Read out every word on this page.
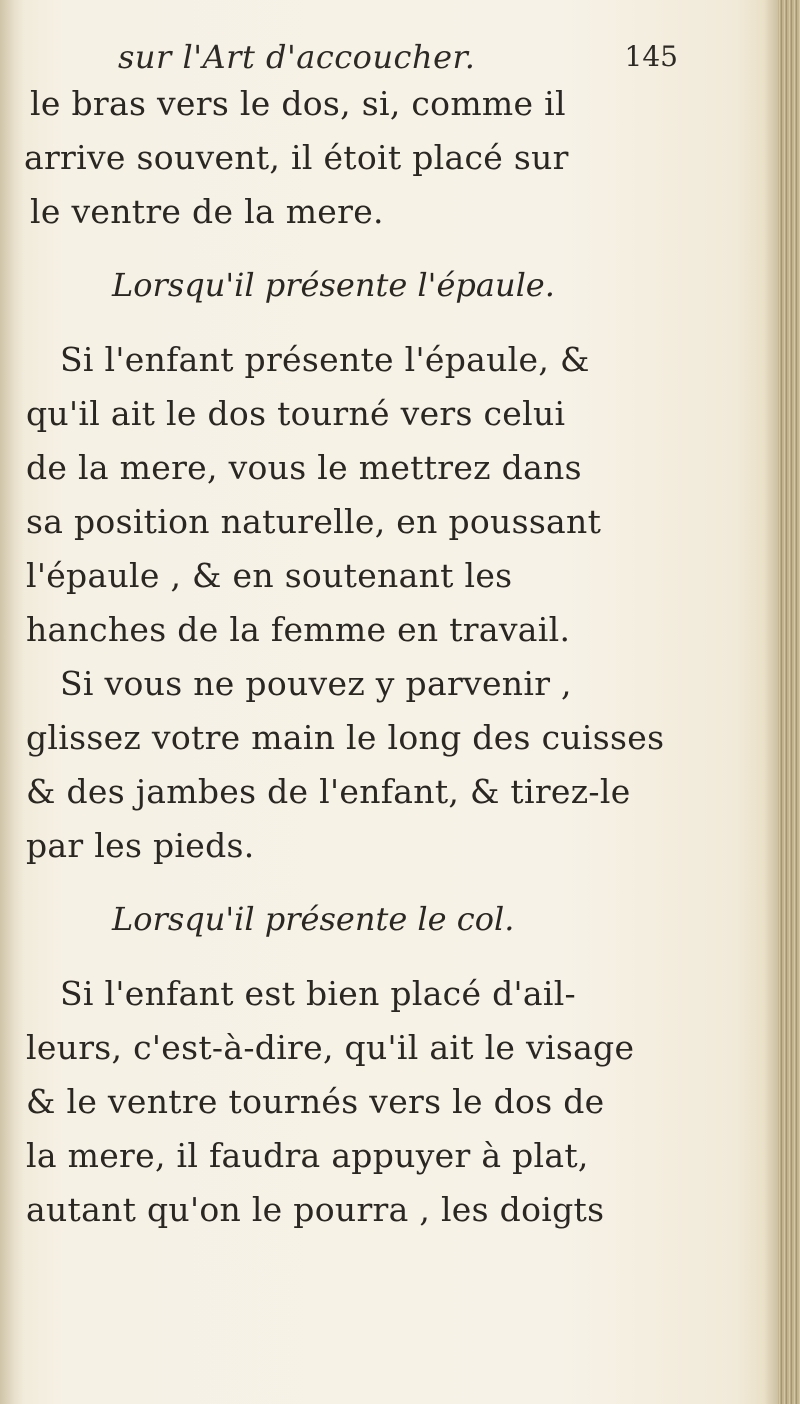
sur l'Art d'accoucher.	145
le bras vers le dos, si, comme il
arrive souvent, il étoit placé sur
le ventre de la mere.
Lorsqu'il présente l'épaule.
Si l'enfant présente l'épaule, &
qu'il ait le dos tourné vers celui
de la mere, vous le mettrez dans
sa position naturelle, en poussant
l'épaule , & en soutenant les
hanches de la femme en travail.
Si vous ne pouvez y parvenir ,
glissez votre main le long des cuisses
& des jambes de l'enfant, & tirez-le
par les pieds.
Lorsqu'il présente le col.
Si l'enfant est bien placé d'ail-
leurs, c'est-à-dire, qu'il ait le visage
& le ventre tournés vers le dos de
la mere, il faudra appuyer à plat,
autant qu'on le pourra , les doigts
